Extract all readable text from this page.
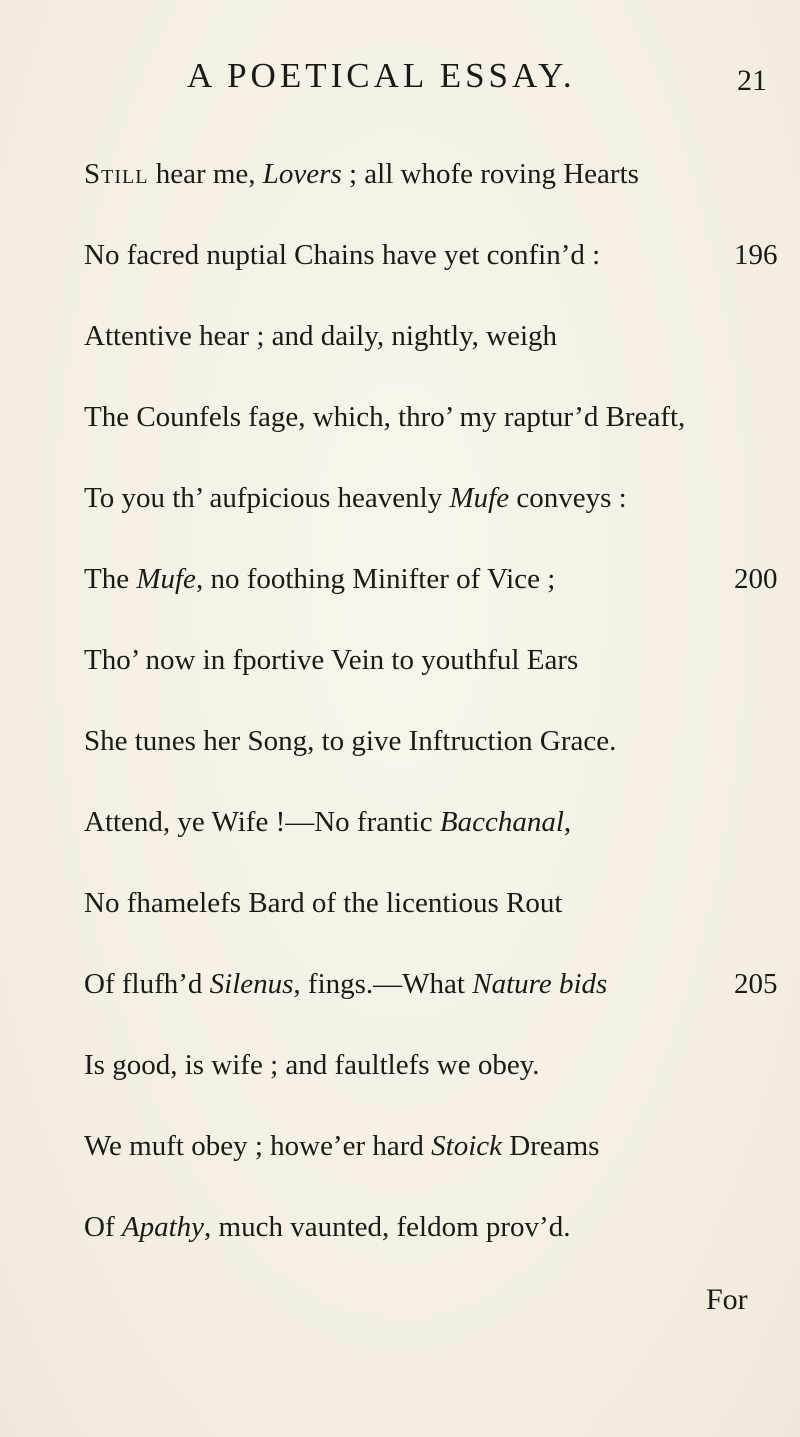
A POETICAL ESSAY.	21
Still hear me, Lovers ; all whofe roving Hearts
No facred nuptial Chains have yet confin’d :	196
Attentive hear ; and daily, nightly, weigh
The Counfels fage, which, thro’ my raptur’d Breaft,
To you th’ aufpicious heavenly Mufe conveys :
The Mufe, no foothing Minifter of Vice ;	200
Tho’ now in fportive Vein to youthful Ears
She tunes her Song, to give Inftruction Grace.
Attend, ye Wife !—No frantic Bacchanal,
No fhamelefs Bard of the licentious Rout
Of flufh’d Silenus, fings.—What Nature bids	205
Is good, is wife ; and faultlefs we obey.
We muft obey ; howe’er hard Stoick Dreams
Of Apathy, much vaunted, feldom prov’d.
For
